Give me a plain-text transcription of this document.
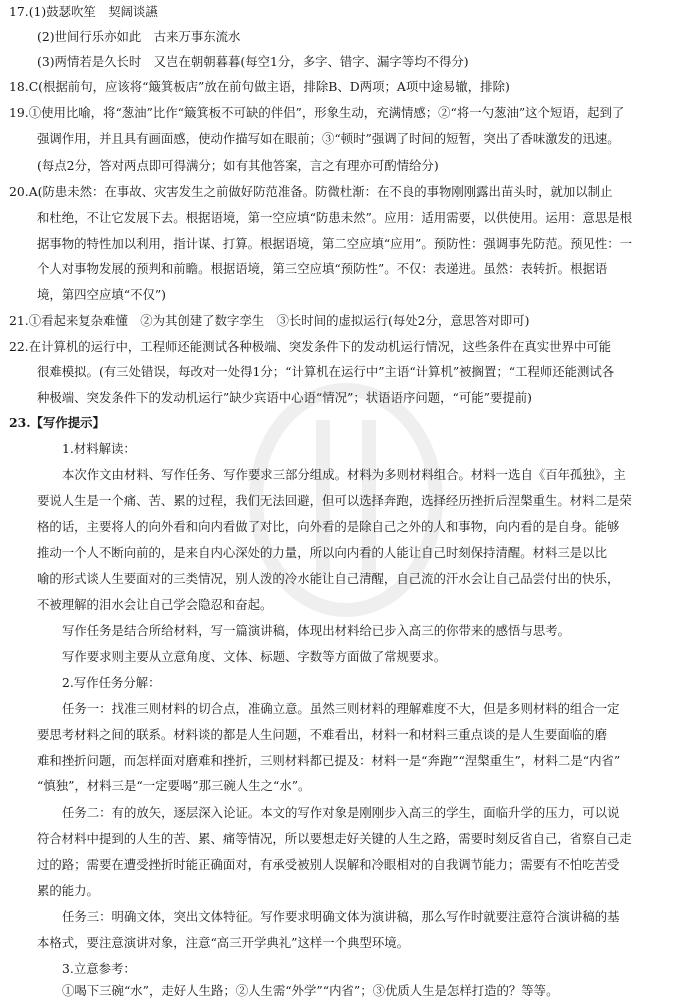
17.(1)鼓瑟吹笙　契阔谈讌
(2)世间行乐亦如此　古来万事东流水
(3)两情若是久长时　又岂在朝朝暮暮(每空1分，多字、错字、漏字等均不得分)
18.C(根据前句，应该将“簸箕板店”放在前句做主语，排除B、D两项；A项中途易辙，排除)
19.①使用比喻，将“葱油”比作“簸箕板不可缺的伴侣”，形象生动，充满情感；②“将一勺葱油”这个短语，起到了
强调作用，并且具有画面感，使动作描写如在眼前；③“顿时”强调了时间的短暂，突出了香味激发的迅速。
(每点2分，答对两点即可得满分；如有其他答案，言之有理亦可酌情给分)
20.A(防患未然：在事故、灾害发生之前做好防范准备。防微杜渐：在不良的事物刚刚露出苗头时，就加以制止
和杜绝，不让它发展下去。根据语境，第一空应填“防患未然”。应用：适用需要，以供使用。运用：意思是根
据事物的特性加以利用，指计谋、打算。根据语境，第二空应填“应用”。预防性：强调事先防范。预见性：一
个人对事物发展的预判和前瞻。根据语境，第三空应填“预防性”。不仅：表递进。虽然：表转折。根据语
境，第四空应填“不仅”)
21.①看起来复杂难懂　②为其创建了数字孪生　③长时间的虚拟运行(每处2分，意思答对即可)
22.在计算机的运行中，工程师还能测试各种极端、突发条件下的发动机运行情况，这些条件在真实世界中可能
很难模拟。(有三处错误，每改对一处得1分；“计算机在运行中”主语“计算机”被搁置；“工程师还能测试各
种极端、突发条件下的发动机运行”缺少宾语中心语“情况”；状语语序问题，“可能”要提前)
23.【写作提示】
1.材料解读：
本次作文由材料、写作任务、写作要求三部分组成。材料为多则材料组合。材料一选自《百年孤独》，主
要说人生是一个痛、苦、累的过程，我们无法回避，但可以选择奔跑，选择经历挫折后涅槃重生。材料二是荣
格的话，主要将人的向外看和向内看做了对比，向外看的是除自己之外的人和事物，向内看的是自身。能够
推动一个人不断向前的，是来自内心深处的力量，所以向内看的人能让自己时刻保持清醒。材料三是以比
喻的形式谈人生要面对的三类情况，别人泼的冷水能让自己清醒，自己流的汗水会让自己品尝付出的快乐，
不被理解的泪水会让自己学会隐忍和奋起。
写作任务是结合所给材料，写一篇演讲稿，体现出材料给已步入高三的你带来的感悟与思考。
写作要求则主要从立意角度、文体、标题、字数等方面做了常规要求。
2.写作任务分解：
任务一：找准三则材料的切合点，准确立意。虽然三则材料的理解难度不大，但是多则材料的组合一定
要思考材料之间的联系。材料谈的都是人生问题，不难看出，材料一和材料三重点谈的是人生要面临的磨
难和挫折问题，而怎样面对磨难和挫折，三则材料都已提及：材料一是“奔跑”“涅槃重生”，材料二是“内省”
“慎独”，材料三是“一定要喝”那三碗人生之“水”。
任务二：有的放矢，逐层深入论证。本文的写作对象是刚刚步入高三的学生，面临升学的压力，可以说
符合材料中提到的人生的苦、累、痛等情况，所以要想走好关键的人生之路，需要时刻反省自己，省察自己走
过的路；需要在遭受挫折时能正确面对，有承受被别人误解和冷眼相对的自我调节能力；需要有不怕吃苦受
累的能力。
任务三：明确文体，突出文体特征。写作要求明确文体为演讲稿，那么写作时就要注意符合演讲稿的基
本格式，要注意演讲对象，注意“高三开学典礼”这样一个典型环境。
3.立意参考：
①喝下三碗“水”，走好人生路；②人生需“外学”“内省”；③优质人生是怎样打造的？等等。
